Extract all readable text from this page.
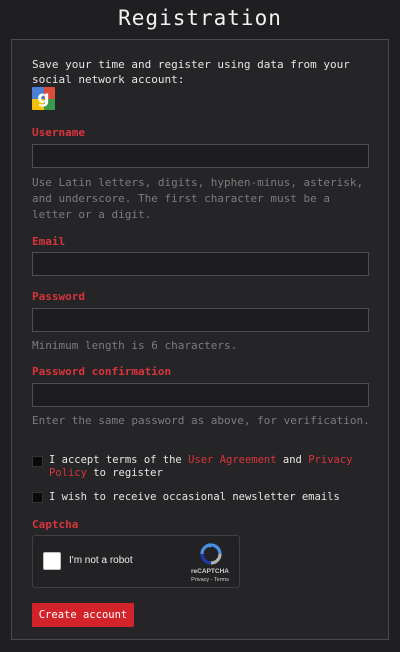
Registration
Save your time and register using data from your social network account:
g
Username
Use Latin letters, digits, hyphen-minus, asterisk, and underscore. The first character must be a letter or a digit.
Email
Password
Minimum length is 6 characters.
Password confirmation
Enter the same password as above, for verification.
I accept terms of the User Agreement and Privacy Policy to register
I wish to receive occasional newsletter emails
Captcha
I'm not a robot
reCAPTCHA
Privacy - Terms
Create account
